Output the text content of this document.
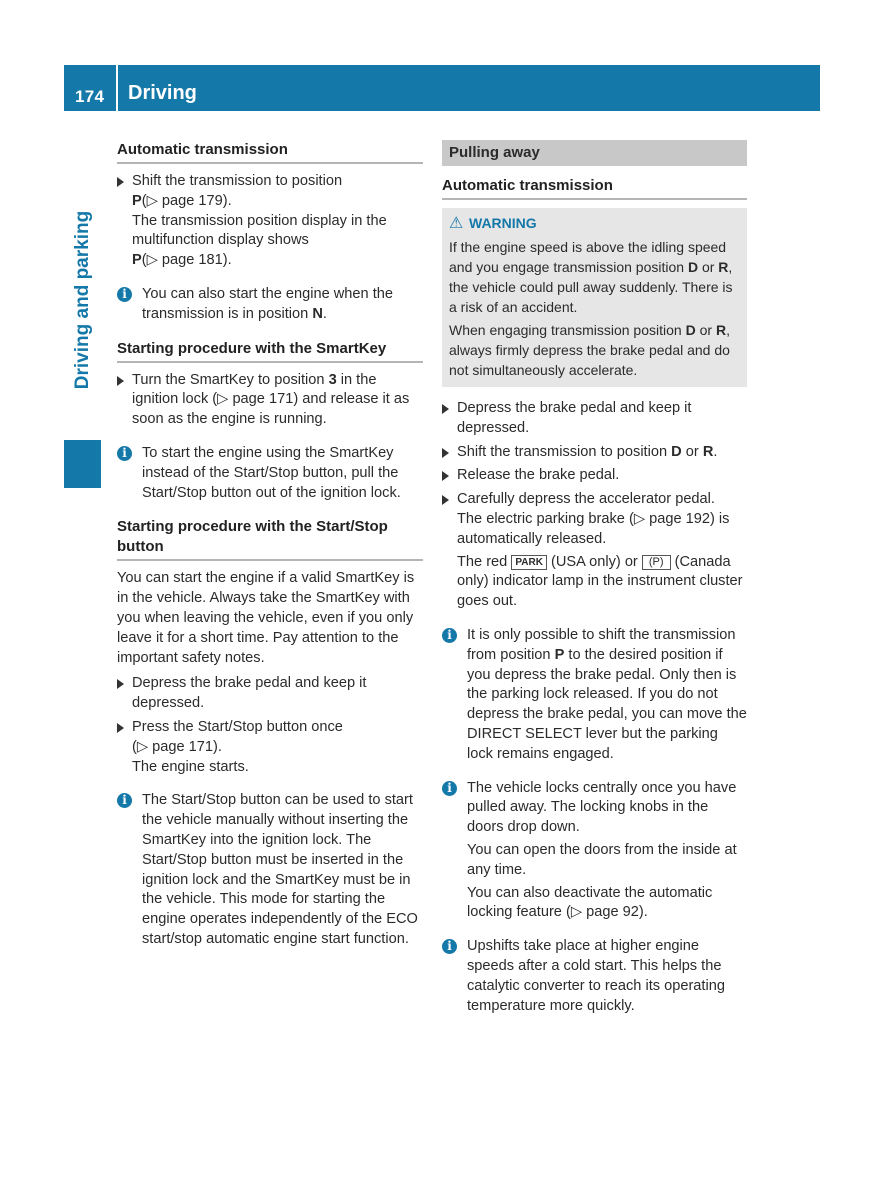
174 Driving
Driving and parking
Automatic transmission
Shift the transmission to position
P(▷ page 179).
The transmission position display in the
multifunction display shows
P(▷ page 181).
i	You can also start the engine when the transmission is in position N.
Starting procedure with the SmartKey
Turn the SmartKey to position 3 in the ignition lock (▷ page 171) and release it as soon as the engine is running.
i	To start the engine using the SmartKey instead of the Start/Stop button, pull the Start/Stop button out of the ignition lock.
Starting procedure with the Start/Stop button
You can start the engine if a valid SmartKey is in the vehicle. Always take the SmartKey with you when leaving the vehicle, even if you only leave it for a short time. Pay attention to the important safety notes.
Depress the brake pedal and keep it depressed.
Press the Start/Stop button once
(▷ page 171).
The engine starts.
i	The Start/Stop button can be used to start the vehicle manually without inserting the SmartKey into the ignition lock. The Start/Stop button must be inserted in the ignition lock and the SmartKey must be in the vehicle. This mode for starting the engine operates independently of the ECO start/stop automatic engine start function.
Pulling away
Automatic transmission
⚠ WARNING

If the engine speed is above the idling speed and you engage transmission position D or R, the vehicle could pull away suddenly. There is a risk of an accident.

When engaging transmission position D or R, always firmly depress the brake pedal and do not simultaneously accelerate.

Depress the brake pedal and keep it depressed.
Shift the transmission to position D or R.
Release the brake pedal.
Carefully depress the accelerator pedal.
The electric parking brake (▷ page 192) is automatically released.
The red PARK (USA only) or (P) (Canada only) indicator lamp in the instrument cluster goes out.
i	It is only possible to shift the transmission from position P to the desired position if you depress the brake pedal. Only then is the parking lock released. If you do not depress the brake pedal, you can move the DIRECT SELECT lever but the parking lock remains engaged.
i	The vehicle locks centrally once you have pulled away. The locking knobs in the doors drop down.
You can open the doors from the inside at any time.
You can also deactivate the automatic locking feature (▷ page 92).
i	Upshifts take place at higher engine speeds after a cold start. This helps the catalytic converter to reach its operating temperature more quickly.
